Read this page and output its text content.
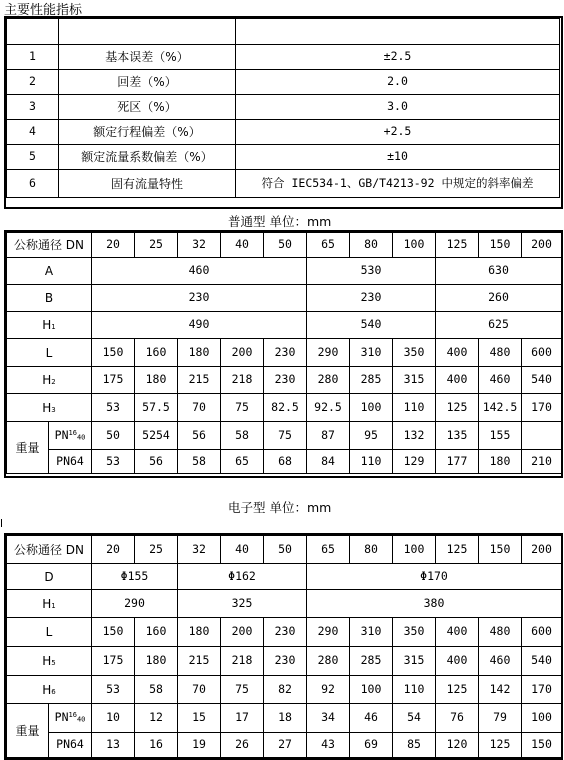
主要性能指标

1	基本误差（%）	±2.5
2	回差（%）	2.0
3	死区（%）	3.0
4	额定行程偏差（%）	+2.5
5	额定流量系数偏差（%）	±10
6	固有流量特性	符合 IEC534-1、GB/T4213-92 中规定的斜率偏差
普通型 单位：mm
公称通径 DN		20	25	32	40	50	65	80	100	125	150	200
A		460					530			630		
B		230					230			260		
H1		490					540			625		
L		150	160	180	200	230	290	310	350	400	480	600
H2		175	180	215	218	230	280	285	315	400	460	540
H3		53	57.5	70	75	82.5	92.5	100	110	125	142.5	170
重量	PN$^{16}$40	50	5254	56	58	75	87	95	132	135	155	
	PN64	53	56	58	65	68	84	110	129	177	180	210
电子型 单位：mm
公称通径 DN		20	25	32	40	50	65	80	100	125	150	200
D		Φ155		Φ162			Φ170					
H1		290		325			380					
L		150	160	180	200	230	290	310	350	400	480	600
H5		175	180	215	218	230	280	285	315	400	460	540
H6		53	58	70	75	82	92	100	110	125	142	170
重量	PN$^{16}$40	10	12	15	17	18	34	46	54	76	79	100
	PN64	13	16	19	26	27	43	69	85	120	125	150
